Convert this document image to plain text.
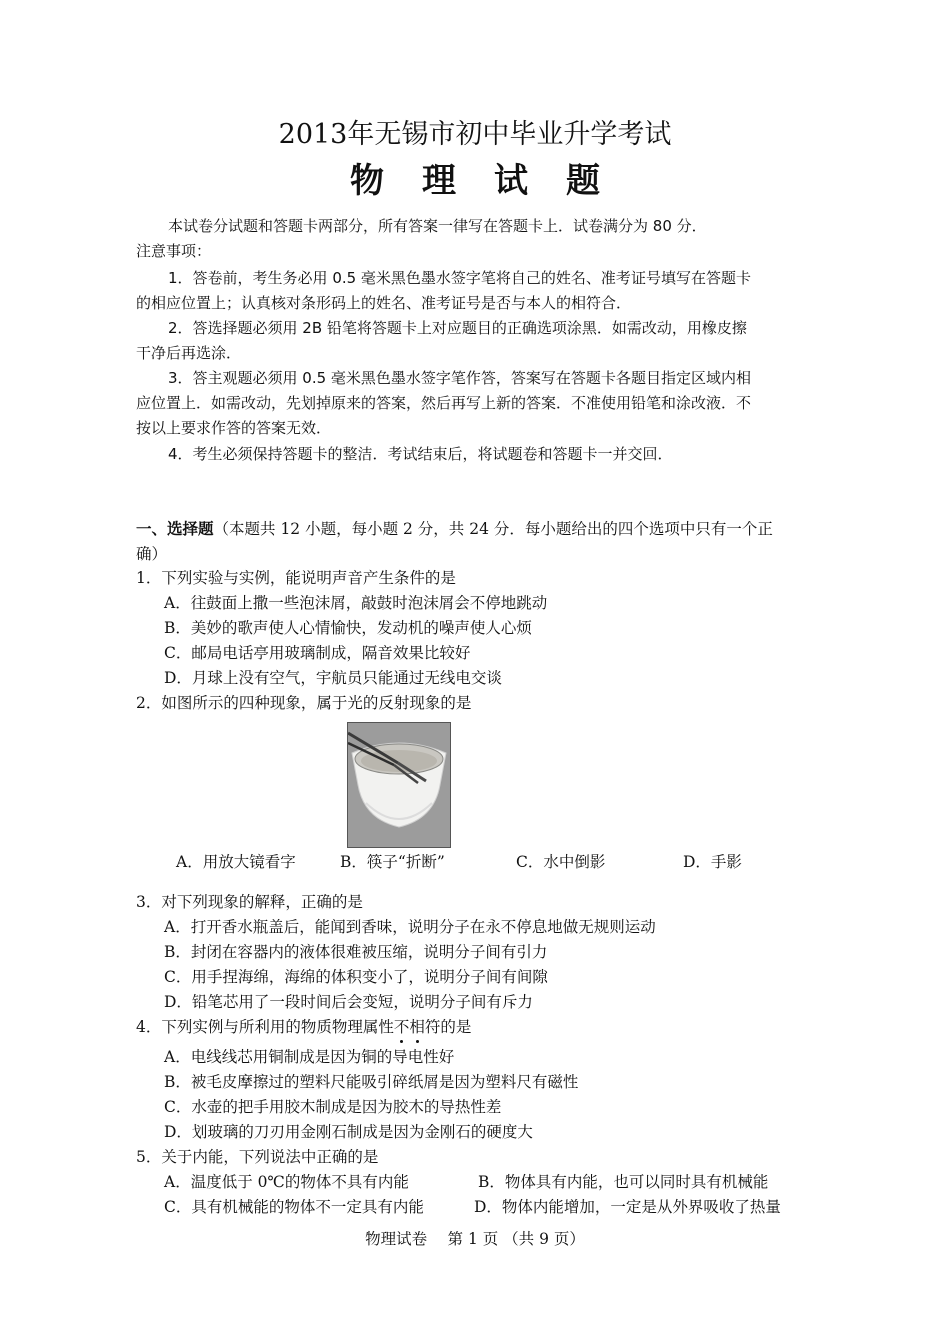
2013年无锡市初中毕业升学考试
物理试题
本试卷分试题和答题卡两部分，所有答案一律写在答题卡上．试卷满分为 80 分．
注意事项：
1．答卷前，考生务必用 0.5 毫米黑色墨水签字笔将自己的姓名、准考证号填写在答题卡
的相应位置上；认真核对条形码上的姓名、准考证号是否与本人的相符合．
2．答选择题必须用 2B 铅笔将答题卡上对应题目的正确选项涂黑．如需改动，用橡皮擦
干净后再选涂．
3．答主观题必须用 0.5 毫米黑色墨水签字笔作答，答案写在答题卡各题目指定区域内相
应位置上．如需改动，先划掉原来的答案，然后再写上新的答案．不准使用铅笔和涂改液．不
按以上要求作答的答案无效．
4．考生必须保持答题卡的整洁．考试结束后，将试题卷和答题卡一并交回．
一、选择题（本题共 12 小题，每小题 2 分，共 24 分．每小题给出的四个选项中只有一个正
确）
1．下列实验与实例，能说明声音产生条件的是
A．往鼓面上撒一些泡沫屑，敲鼓时泡沫屑会不停地跳动
B．美妙的歌声使人心情愉快，发动机的噪声使人心烦
C．邮局电话亭用玻璃制成，隔音效果比较好
D．月球上没有空气，宇航员只能通过无线电交谈
2．如图所示的四种现象，属于光的反射现象的是
A．用放大镜看字	B．筷子“折断”	C．水中倒影	D．手影
3．对下列现象的解释，正确的是
A．打开香水瓶盖后，能闻到香味，说明分子在永不停息地做无规则运动
B．封闭在容器内的液体很难被压缩，说明分子间有引力
C．用手捏海绵，海绵的体积变小了，说明分子间有间隙
D．铅笔芯用了一段时间后会变短，说明分子间有斥力
4．下列实例与所利用的物质物理属性不相符的是
A．电线线芯用铜制成是因为铜的导电性好
B．被毛皮摩擦过的塑料尺能吸引碎纸屑是因为塑料尺有磁性
C．水壶的把手用胶木制成是因为胶木的导热性差
D．划玻璃的刀刃用金刚石制成是因为金刚石的硬度大
5．关于内能，下列说法中正确的是
A．温度低于 0℃的物体不具有内能	B．物体具有内能，也可以同时具有机械能
C．具有机械能的物体不一定具有内能	D．物体内能增加，一定是从外界吸收了热量
物理试卷　 第 1 页 （共 9 页）
